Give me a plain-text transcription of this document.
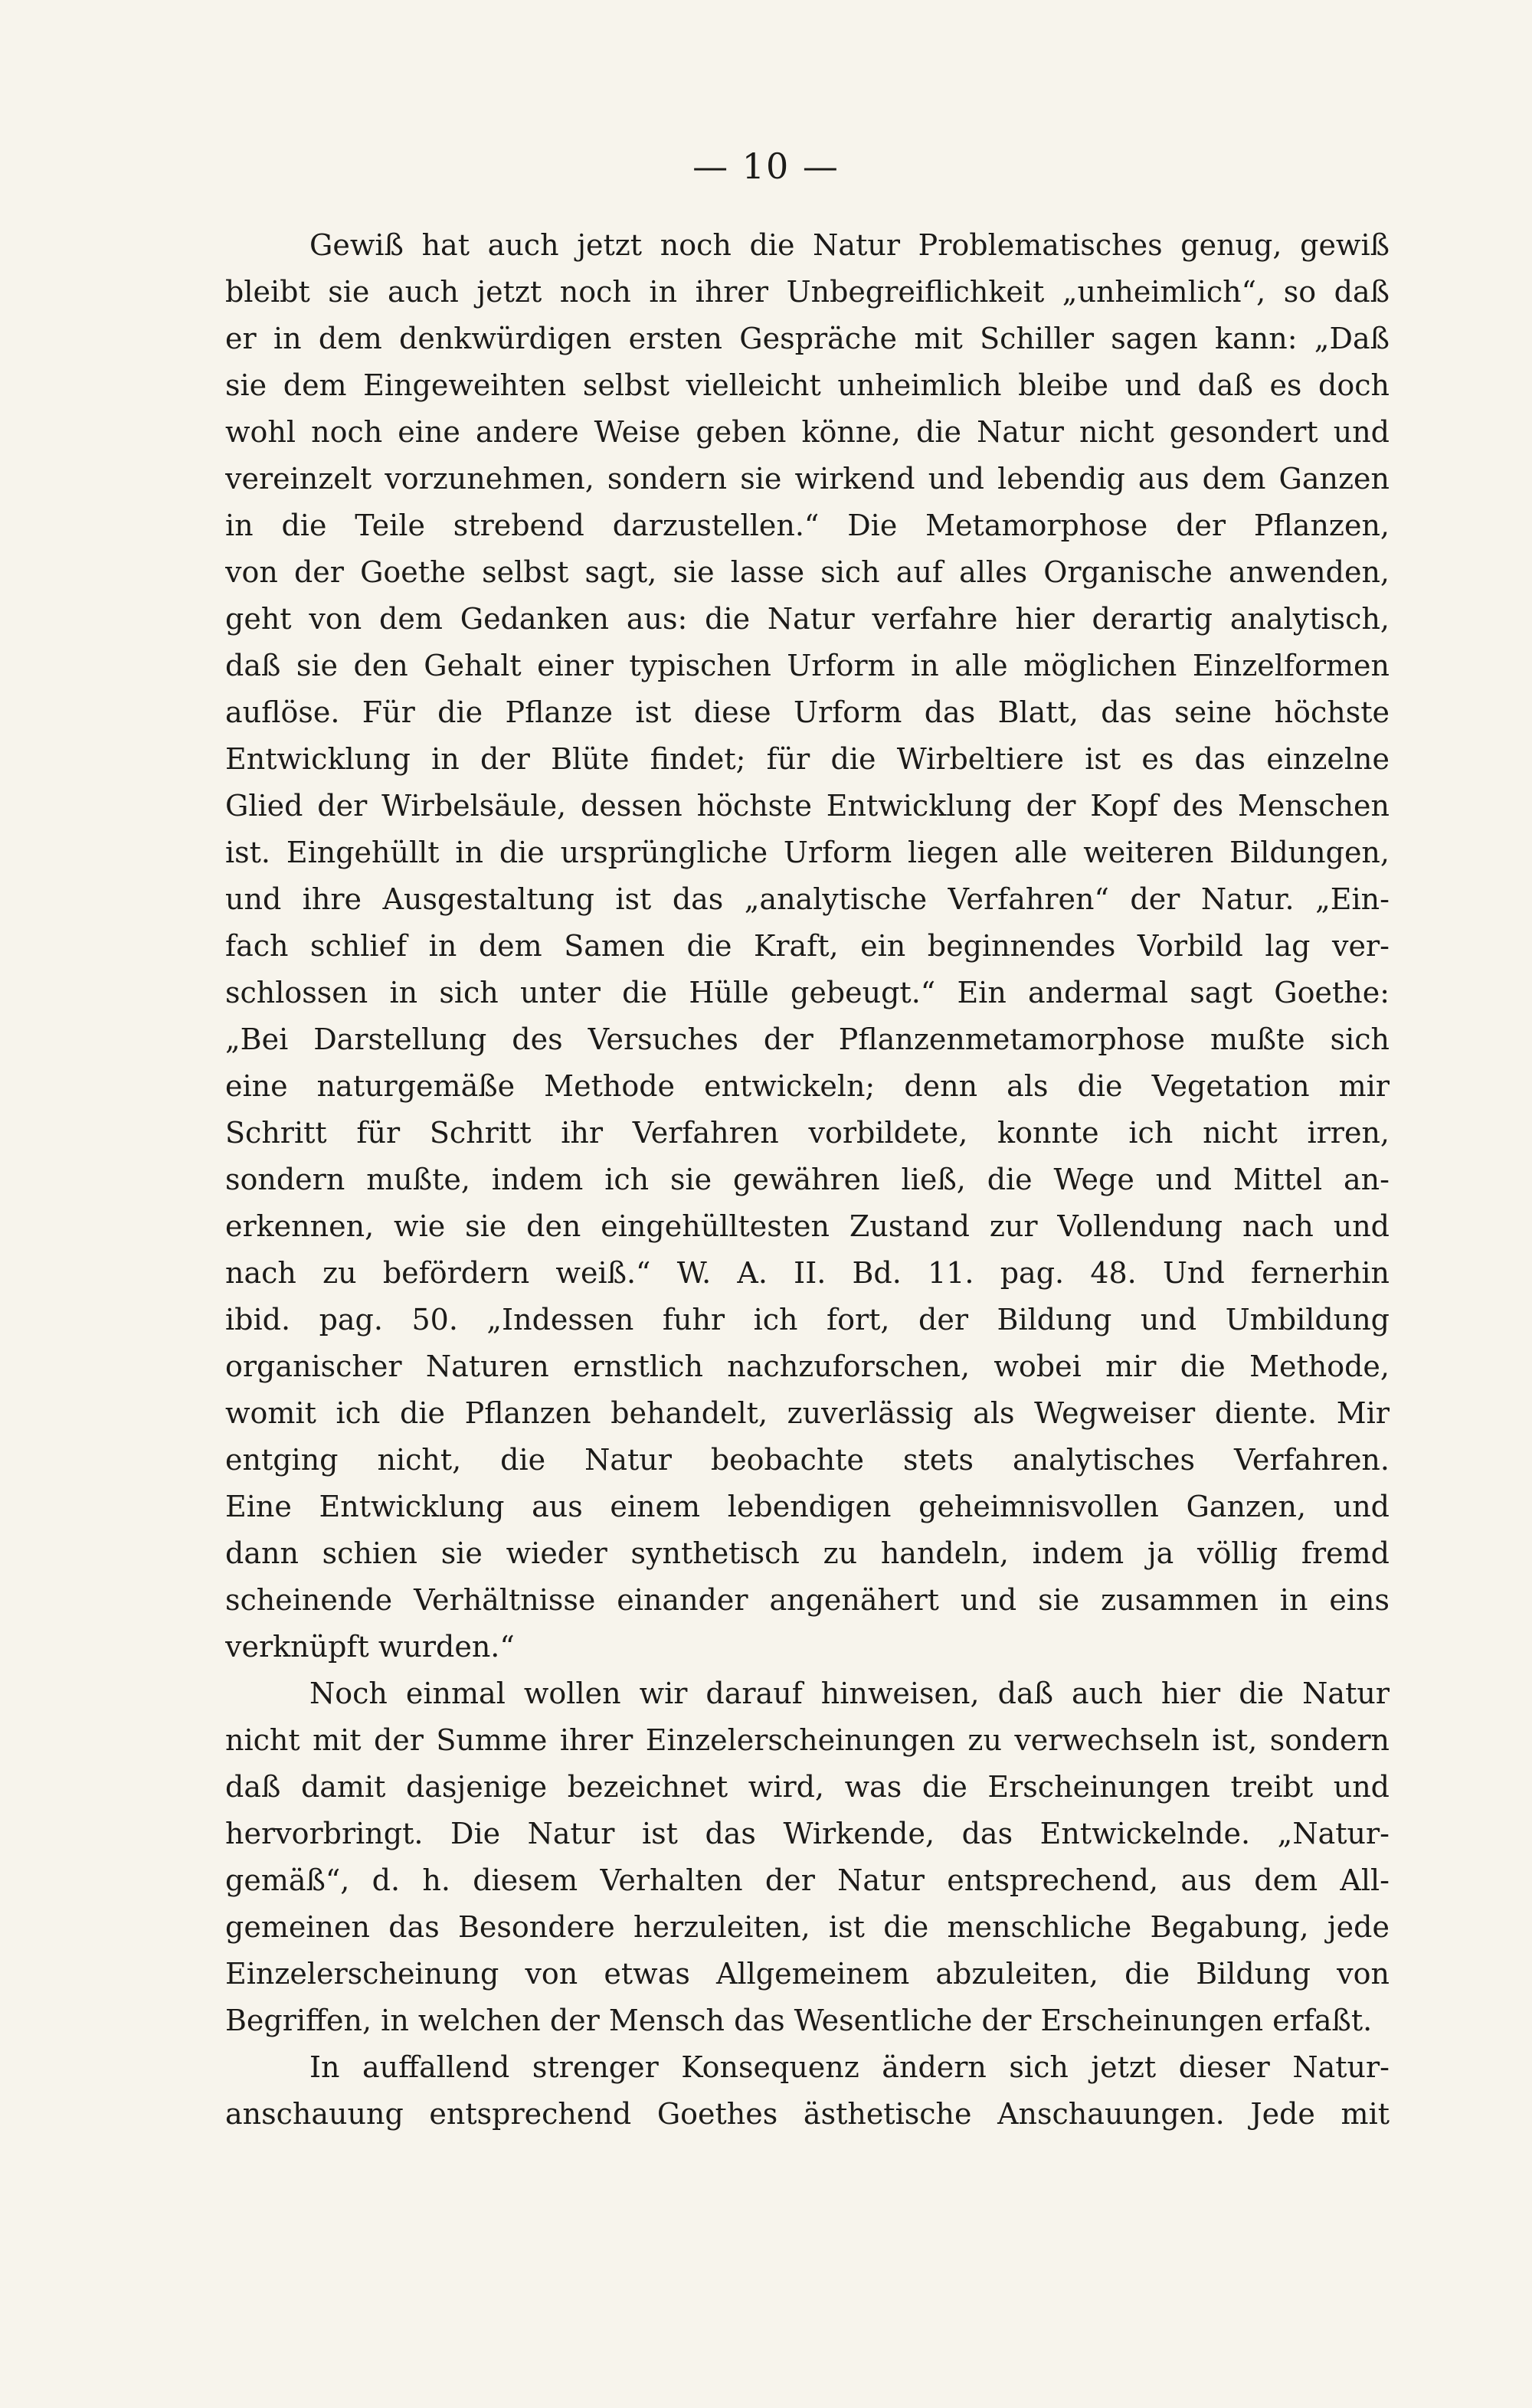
— 10 —
Gewiß hat auch jetzt noch die Natur Problematisches genug, gewiß
bleibt sie auch jetzt noch in ihrer Unbegreiflichkeit „unheimlich“, so daß
er in dem denkwürdigen ersten Gespräche mit Schiller sagen kann: „Daß
sie dem Eingeweihten selbst vielleicht unheimlich bleibe und daß es doch
wohl noch eine andere Weise geben könne, die Natur nicht gesondert und
vereinzelt vorzunehmen, sondern sie wirkend und lebendig aus dem Ganzen
in die Teile strebend darzustellen.“ Die Metamorphose der Pflanzen,
von der Goethe selbst sagt, sie lasse sich auf alles Organische anwenden,
geht von dem Gedanken aus: die Natur verfahre hier derartig analytisch,
daß sie den Gehalt einer typischen Urform in alle möglichen Einzelformen
auflöse. Für die Pflanze ist diese Urform das Blatt, das seine höchste
Entwicklung in der Blüte findet; für die Wirbeltiere ist es das einzelne
Glied der Wirbelsäule, dessen höchste Entwicklung der Kopf des Menschen
ist. Eingehüllt in die ursprüngliche Urform liegen alle weiteren Bildungen,
und ihre Ausgestaltung ist das „analytische Verfahren“ der Natur. „Ein-
fach schlief in dem Samen die Kraft, ein beginnendes Vorbild lag ver-
schlossen in sich unter die Hülle gebeugt.“ Ein andermal sagt Goethe:
„Bei Darstellung des Versuches der Pflanzenmetamorphose mußte sich
eine naturgemäße Methode entwickeln; denn als die Vegetation mir
Schritt für Schritt ihr Verfahren vorbildete, konnte ich nicht irren,
sondern mußte, indem ich sie gewähren ließ, die Wege und Mittel an-
erkennen, wie sie den eingehülltesten Zustand zur Vollendung nach und
nach zu befördern weiß.“ W. A. II. Bd. 11. pag. 48. Und fernerhin
ibid. pag. 50. „Indessen fuhr ich fort, der Bildung und Umbildung
organischer Naturen ernstlich nachzuforschen, wobei mir die Methode,
womit ich die Pflanzen behandelt, zuverlässig als Wegweiser diente. Mir
entging nicht, die Natur beobachte stets analytisches Verfahren.
Eine Entwicklung aus einem lebendigen geheimnisvollen Ganzen, und
dann schien sie wieder synthetisch zu handeln, indem ja völlig fremd
scheinende Verhältnisse einander angenähert und sie zusammen in eins
verknüpft wurden.“
Noch einmal wollen wir darauf hinweisen, daß auch hier die Natur
nicht mit der Summe ihrer Einzelerscheinungen zu verwechseln ist, sondern
daß damit dasjenige bezeichnet wird, was die Erscheinungen treibt und
hervorbringt. Die Natur ist das Wirkende, das Entwickelnde. „Natur-
gemäß“, d. h. diesem Verhalten der Natur entsprechend, aus dem All-
gemeinen das Besondere herzuleiten, ist die menschliche Begabung, jede
Einzelerscheinung von etwas Allgemeinem abzuleiten, die Bildung von
Begriffen, in welchen der Mensch das Wesentliche der Erscheinungen erfaßt.
In auffallend strenger Konsequenz ändern sich jetzt dieser Natur-
anschauung entsprechend Goethes ästhetische Anschauungen. Jede mit
